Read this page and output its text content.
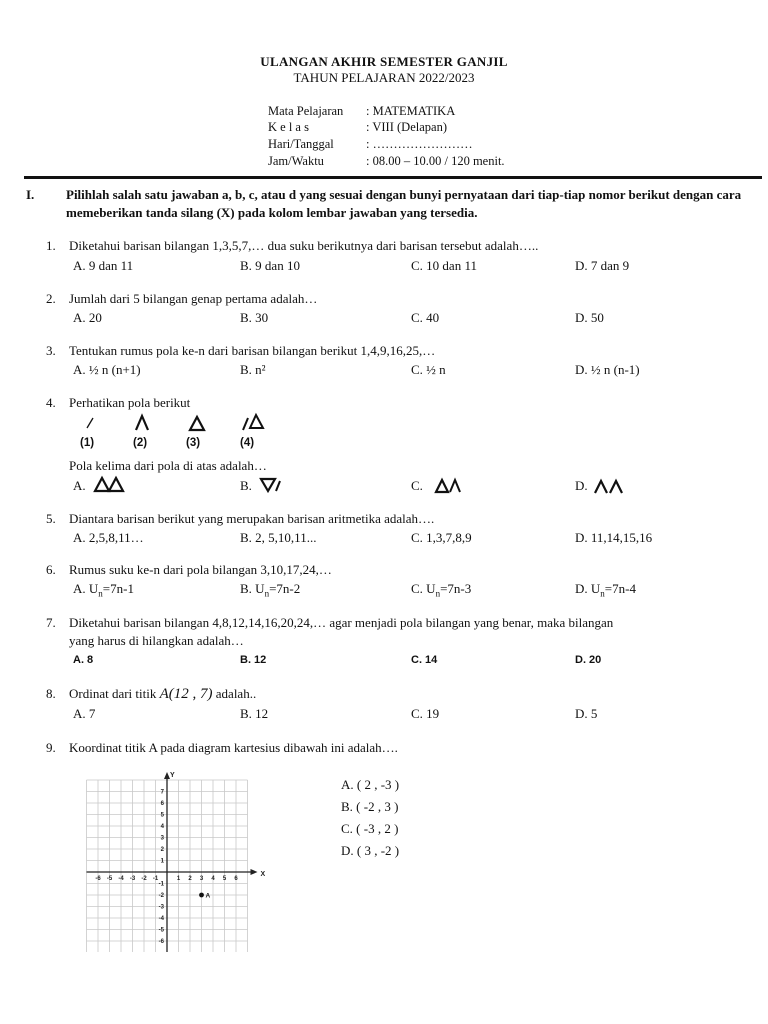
ULANGAN AKHIR SEMESTER GANJIL
TAHUN PELAJARAN 2022/2023
Mata Pelajaran	: MATEMATIKA
K e l a s	: VIII (Delapan)
Hari/Tanggal	: ……………………
Jam/Waktu	: 08.00 – 10.00 / 120 menit.
I. Pilihlah salah satu jawaban a, b, c, atau d yang sesuai dengan bunyi pernyataan dari tiap-tiap nomor berikut dengan cara memeberikan tanda silang (X) pada kolom lembar jawaban yang tersedia.
1. Diketahui barisan bilangan 1,3,5,7,… dua suku berikutnya dari barisan tersebut adalah…..
A. 9 dan 11	B. 9 dan 10	C. 10 dan 11	D. 7 dan 9
2. Jumlah dari 5 bilangan genap pertama adalah…
A. 20	B. 30	C. 40	D. 50
3. Tentukan rumus pola ke-n dari barisan bilangan berikut 1,4,9,16,25,…
A. ½ n (n+1)	B. n²	C. ½ n	D. ½ n (n-1)
4. Perhatikan pola berikut
(1)	(2)	(3)	(4)
Pola kelima dari pola di atas adalah…
A.	B.	C.	D.
5. Diantara barisan berikut yang merupakan barisan aritmetika adalah….
A. 2,5,8,11…	B. 2, 5,10,11...	C. 1,3,7,8,9	D. 11,14,15,16
6. Rumus suku ke-n dari pola bilangan 3,10,17,24,…
A. $U_n=7n-1$	B. $U_n=7n-2$	C. $U_n=7n-3$	D. $U_n=7n-4$
7. Diketahui barisan bilangan 4,8,12,14,16,20,24,… agar menjadi pola bilangan yang benar, maka bilangan
yang harus di hilangkan adalah…
A. 8	B. 12	C. 14	D. 20
8. Ordinat dari titik A(12 , 7) adalah..
A. 7	B. 12	C. 19	D. 5
9. Koordinat titik A pada diagram kartesius dibawah ini adalah….
X
Y
-6 -5 -4 -3 -2 -1	1 2 3 4 5 6
7
6
5
4
3
2
1
-1
-2
-3
-4
-5
-6
A
A. ( 2 , -3 )
B. ( -2 , 3 )
C. ( -3 , 2 )
D. ( 3 , -2 )
